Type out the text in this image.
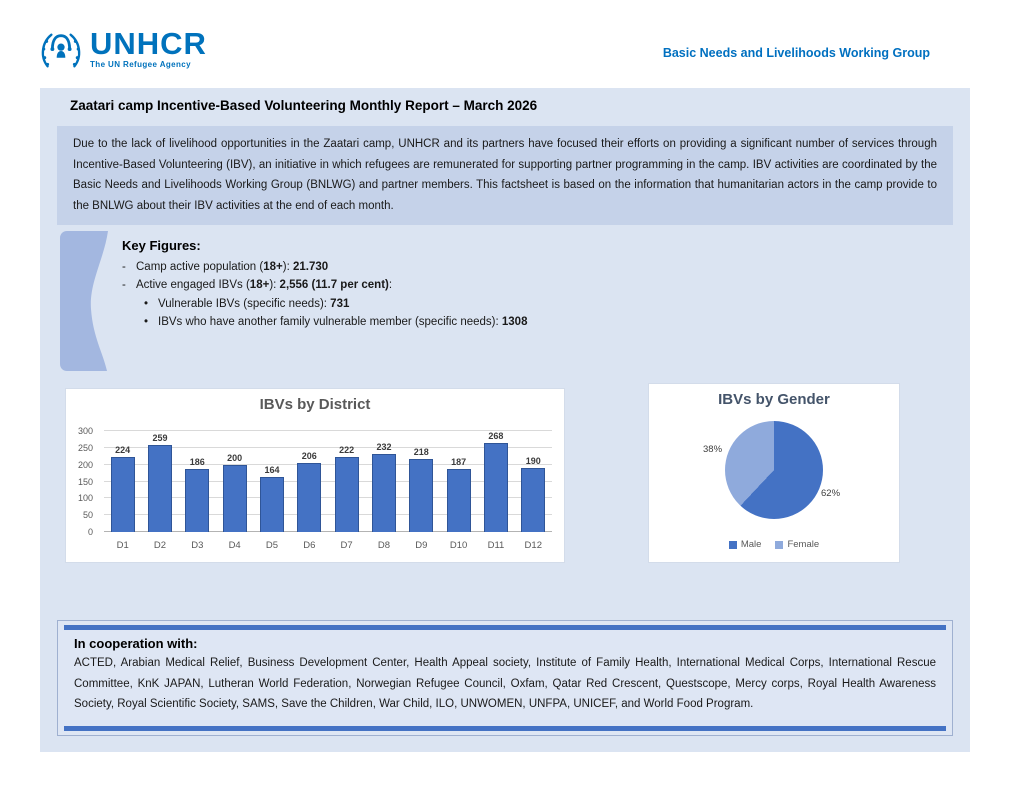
UNHCR
The UN Refugee Agency
Basic Needs and Livelihoods Working Group
Zaatari camp Incentive-Based Volunteering Monthly Report – March 2026
Due to the lack of livelihood opportunities in the Zaatari camp, UNHCR and its partners have focused their efforts on providing a significant number of services through Incentive-Based Volunteering (IBV), an initiative in which refugees are remunerated for supporting partner programming in the camp. IBV activities are coordinated by the Basic Needs and Livelihoods Working Group (BNLWG) and partner members. This factsheet is based on the information that humanitarian actors in the camp provide to the BNLWG about their IBV activities at the end of each month.
Key Figures:
- Camp active population (18+): 21.730
- Active engaged IBVs (18+): 2,556 (11.7 per cent):
• Vulnerable IBVs (specific needs): 731
• IBVs who have another family vulnerable member (specific needs): 1308
IBVs by District
0
50
100
150
200
250
300
224
259
186 200
164
206
222 232 218
187
268
190
D1	D2	D3	D4	D5	D6	D7	D8	D9	D10	D11	D12
IBVs by Gender
38%
62%
Male	Female
In cooperation with:
ACTED, Arabian Medical Relief, Business Development Center, Health Appeal society, Institute of Family Health, International Medical Corps, International Rescue Committee, KnK JAPAN, Lutheran World Federation, Norwegian Refugee Council, Oxfam, Qatar Red Crescent, Questscope, Mercy corps, Royal Health Awareness Society, Royal Scientific Society, SAMS, Save the Children, War Child, ILO, UNWOMEN, UNFPA, UNICEF, and World Food Program.
